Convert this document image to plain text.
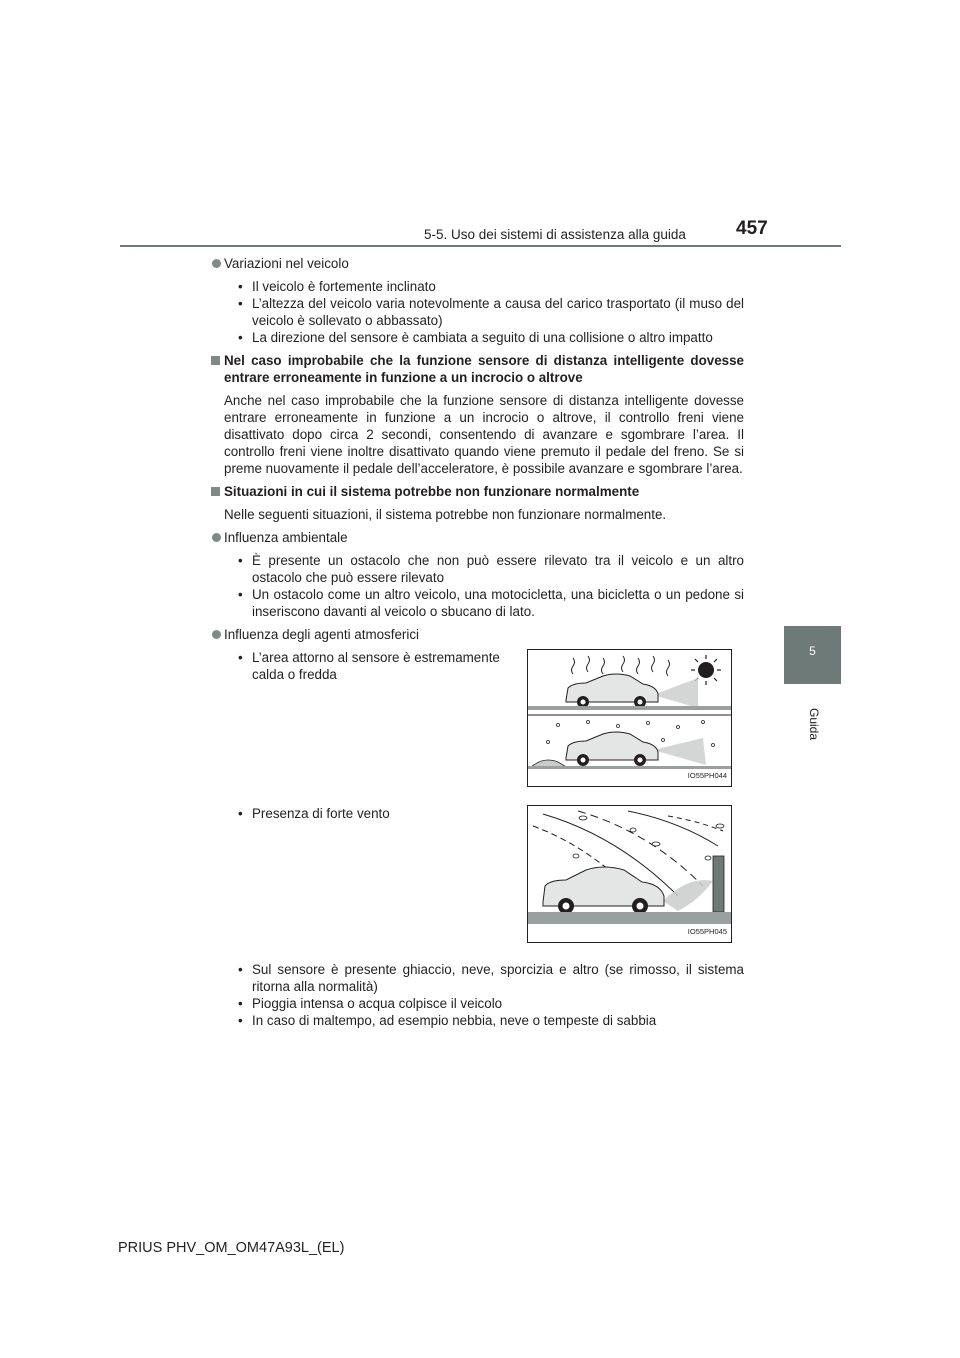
5-5. Uso dei sistemi di assistenza alla guida	457
5
Guida
Variazioni nel veicolo
• Il veicolo è fortemente inclinato
• L’altezza del veicolo varia notevolmente a causa del carico trasportato (il muso del veicolo è sollevato o abbassato)
• La direzione del sensore è cambiata a seguito di una collisione o altro impatto
Nel caso improbabile che la funzione sensore di distanza intelligente dovesse entrare erroneamente in funzione a un incrocio o altrove

Anche nel caso improbabile che la funzione sensore di distanza intelligente dovesse entrare erroneamente in funzione a un incrocio o altrove, il controllo freni viene disattivato dopo circa 2 secondi, consentendo di avanzare e sgombrare l’area. Il controllo freni viene inoltre disattivato quando viene premuto il pedale del freno. Se si preme nuovamente il pedale dell’acceleratore, è possibile avanzare e sgombrare l’area.

Situazioni in cui il sistema potrebbe non funzionare normalmente

Nelle seguenti situazioni, il sistema potrebbe non funzionare normalmente.

Influenza ambientale
• È presente un ostacolo che non può essere rilevato tra il veicolo e un altro ostacolo che può essere rilevato
• Un ostacolo come un altro veicolo, una motocicletta, una bicicletta o un pedone si inseriscono davanti al veicolo o sbucano di lato.
Influenza degli agenti atmosferici
• L’area attorno al sensore è estremamente calda o fredda
IO55PH044
• Presenza di forte vento
IO55PH045
• Sul sensore è presente ghiaccio, neve, sporcizia e altro (se rimosso, il sistema ritorna alla normalità)
• Pioggia intensa o acqua colpisce il veicolo
• In caso di maltempo, ad esempio nebbia, neve o tempeste di sabbia
PRIUS PHV_OM_OM47A93L_(EL)
